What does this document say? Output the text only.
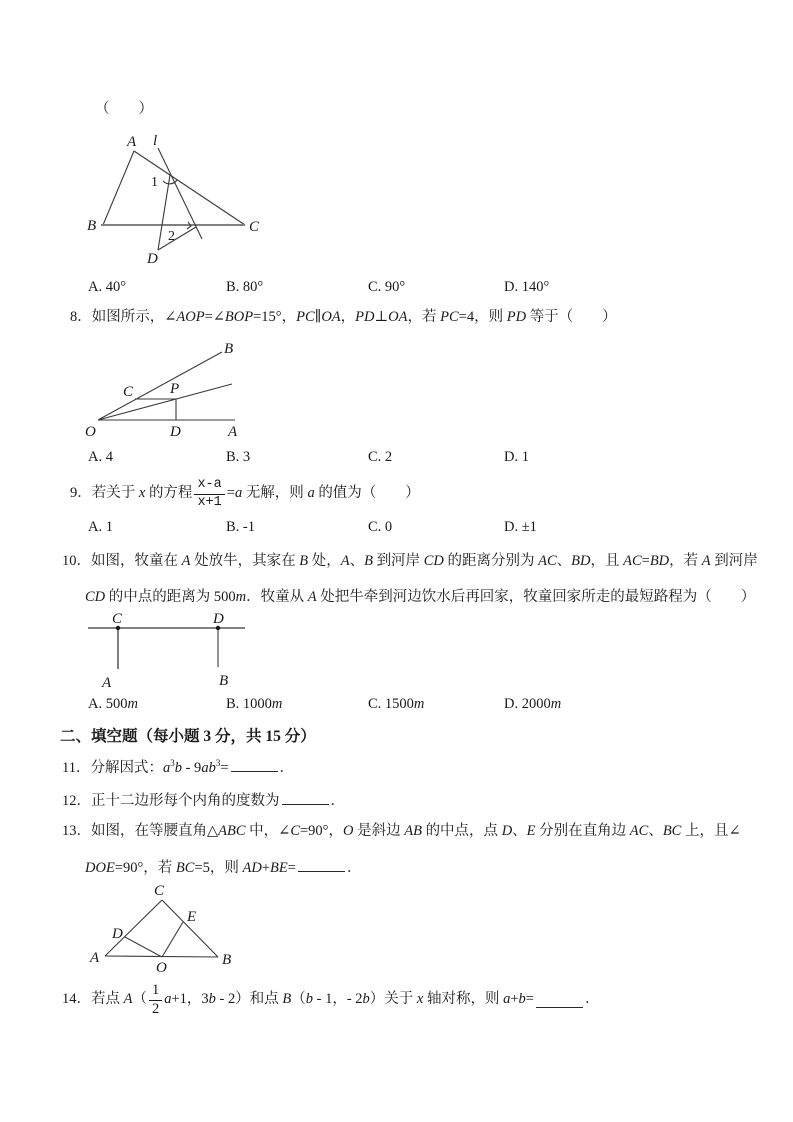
（　　）
A l
B	C
D
1
2
A. 40°	B. 80°	C. 90°	D. 140°
8．如图所示，∠AOP=∠BOP=15°，PC∥OA，PD⊥OA，若 PC=4，则 PD 等于（　　）
O	A
B
C P
D
A. 4	B. 3	C. 2	D. 1
9．若关于 x 的方程 $\frac{x-a}{x+1} =a$ 无解，则 a 的值为（　　）
A. 1	B. -1	C. 0	D. ±1
10．如图，牧童在 A 处放牛，其家在 B 处，A、B 到河岸 CD 的距离分别为 AC、BD，且 AC=BD，若 A 到河岸
CD 的中点的距离为 500m．牧童从 A 处把牛牵到河边饮水后再回家，牧童回家所走的最短路程为（　　）
C	D
A	B
A. 500m	B. 1000m	C. 1500m	D. 2000m
二、填空题（每小题 3 分，共 15 分）
11．分解因式：$a^3b - 9ab^3=$	．
12．正十二边形每个内角的度数为	．
13．如图，在等腰直角△ABC 中，∠C=90°，O 是斜边 AB 的中点，点 D、E 分别在直角边 AC、BC 上，且∠
DOE=90°，若 BC=5，则 AD+BE=	．
A	B
C
D
E
O
14．若点 $A( \frac{1}{2} a+1$，3b - 2）和点 B（b - 1，- 2b）关于 x 轴对称，则 a+b=	．
